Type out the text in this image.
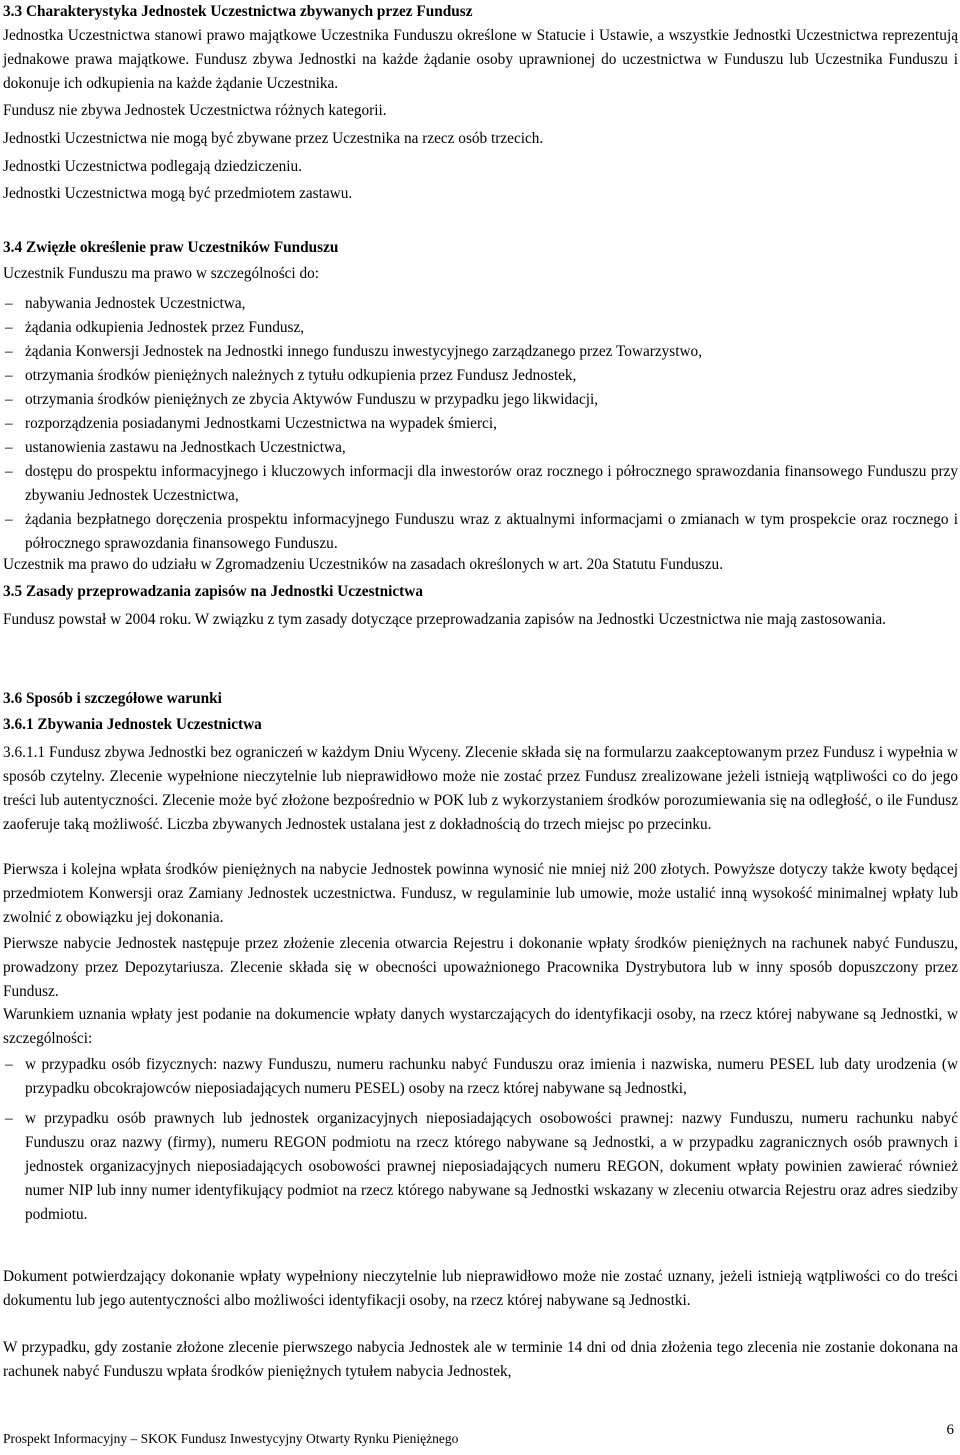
3.3 Charakterystyka Jednostek Uczestnictwa zbywanych przez Fundusz

Jednostka Uczestnictwa stanowi prawo majątkowe Uczestnika Funduszu określone w Statucie i Ustawie, a wszystkie Jednostki Uczestnictwa reprezentują jednakowe prawa majątkowe. Fundusz zbywa Jednostki na każde żądanie osoby uprawnionej do uczestnictwa w Funduszu lub Uczestnika Funduszu i dokonuje ich odkupienia na każde żądanie Uczestnika.

Fundusz nie zbywa Jednostek Uczestnictwa różnych kategorii.

Jednostki Uczestnictwa nie mogą być zbywane przez Uczestnika na rzecz osób trzecich.

Jednostki Uczestnictwa podlegają dziedziczeniu.

Jednostki Uczestnictwa mogą być przedmiotem zastawu.

3.4 Zwięzłe określenie praw Uczestników Funduszu

Uczestnik Funduszu ma prawo w szczególności do:

– nabywania Jednostek Uczestnictwa,
– żądania odkupienia Jednostek przez Fundusz,
– żądania Konwersji Jednostek na Jednostki innego funduszu inwestycyjnego zarządzanego przez Towarzystwo,
– otrzymania środków pieniężnych należnych z tytułu odkupienia przez Fundusz Jednostek,
– otrzymania środków pieniężnych ze zbycia Aktywów Funduszu w przypadku jego likwidacji,
– rozporządzenia posiadanymi Jednostkami Uczestnictwa na wypadek śmierci,
– ustanowienia zastawu na Jednostkach Uczestnictwa,
– dostępu do prospektu informacyjnego i kluczowych informacji dla inwestorów oraz rocznego i półrocznego sprawozdania finansowego Funduszu przy zbywaniu Jednostek Uczestnictwa,
– żądania bezpłatnego doręczenia prospektu informacyjnego Funduszu wraz z aktualnymi informacjami o zmianach w tym prospekcie oraz rocznego i półrocznego sprawozdania finansowego Funduszu.

Uczestnik ma prawo do udziału w Zgromadzeniu Uczestników na zasadach określonych w art. 20a Statutu Funduszu.

3.5 Zasady przeprowadzania zapisów na Jednostki Uczestnictwa

Fundusz powstał w 2004 roku. W związku z tym zasady dotyczące przeprowadzania zapisów na Jednostki Uczestnictwa nie mają zastosowania.

3.6 Sposób i szczegółowe warunki

3.6.1 Zbywania Jednostek Uczestnictwa

3.6.1.1 Fundusz zbywa Jednostki bez ograniczeń w każdym Dniu Wyceny. Zlecenie składa się na formularzu zaakceptowanym przez Fundusz i wypełnia w sposób czytelny. Zlecenie wypełnione nieczytelnie lub nieprawidłowo może nie zostać przez Fundusz zrealizowane jeżeli istnieją wątpliwości co do jego treści lub autentyczności. Zlecenie może być złożone bezpośrednio w POK lub z wykorzystaniem środków porozumiewania się na odległość, o ile Fundusz zaoferuje taką możliwość. Liczba zbywanych Jednostek ustalana jest z dokładnością do trzech miejsc po przecinku.

Pierwsza i kolejna wpłata środków pieniężnych na nabycie Jednostek powinna wynosić nie mniej niż 200 złotych. Powyższe dotyczy także kwoty będącej przedmiotem Konwersji oraz Zamiany Jednostek uczestnictwa. Fundusz, w regulaminie lub umowie, może ustalić inną wysokość minimalnej wpłaty lub zwolnić z obowiązku jej dokonania.

Pierwsze nabycie Jednostek następuje przez złożenie zlecenia otwarcia Rejestru i dokonanie wpłaty środków pieniężnych na rachunek nabyć Funduszu, prowadzony przez Depozytariusza. Zlecenie składa się w obecności upoważnionego Pracownika Dystrybutora lub w inny sposób dopuszczony przez Fundusz.

Warunkiem uznania wpłaty jest podanie na dokumencie wpłaty danych wystarczających do identyfikacji osoby, na rzecz której nabywane są Jednostki, w szczególności:

– w przypadku osób fizycznych: nazwy Funduszu, numeru rachunku nabyć Funduszu oraz imienia i nazwiska, numeru PESEL lub daty urodzenia (w przypadku obcokrajowców nieposiadających numeru PESEL) osoby na rzecz której nabywane są Jednostki,
– w przypadku osób prawnych lub jednostek organizacyjnych nieposiadających osobowości prawnej: nazwy Funduszu, numeru rachunku nabyć Funduszu oraz nazwy (firmy), numeru REGON podmiotu na rzecz którego nabywane są Jednostki, a w przypadku zagranicznych osób prawnych i jednostek organizacyjnych nieposiadających osobowości prawnej nieposiadających numeru REGON, dokument wpłaty powinien zawierać również numer NIP lub inny numer identyfikujący podmiot na rzecz którego nabywane są Jednostki wskazany w zleceniu otwarcia Rejestru oraz adres siedziby podmiotu.

Dokument potwierdzający dokonanie wpłaty wypełniony nieczytelnie lub nieprawidłowo może nie zostać uznany, jeżeli istnieją wątpliwości co do treści dokumentu lub jego autentyczności albo możliwości identyfikacji osoby, na rzecz której nabywane są Jednostki.

W przypadku, gdy zostanie złożone zlecenie pierwszego nabycia Jednostek ale w terminie 14 dni od dnia złożenia tego zlecenia nie zostanie dokonana na rachunek nabyć Funduszu wpłata środków pieniężnych tytułem nabycia Jednostek,

Prospekt Informacyjny – SKOK Fundusz Inwestycyjny Otwarty Rynku Pieniężnego
6
